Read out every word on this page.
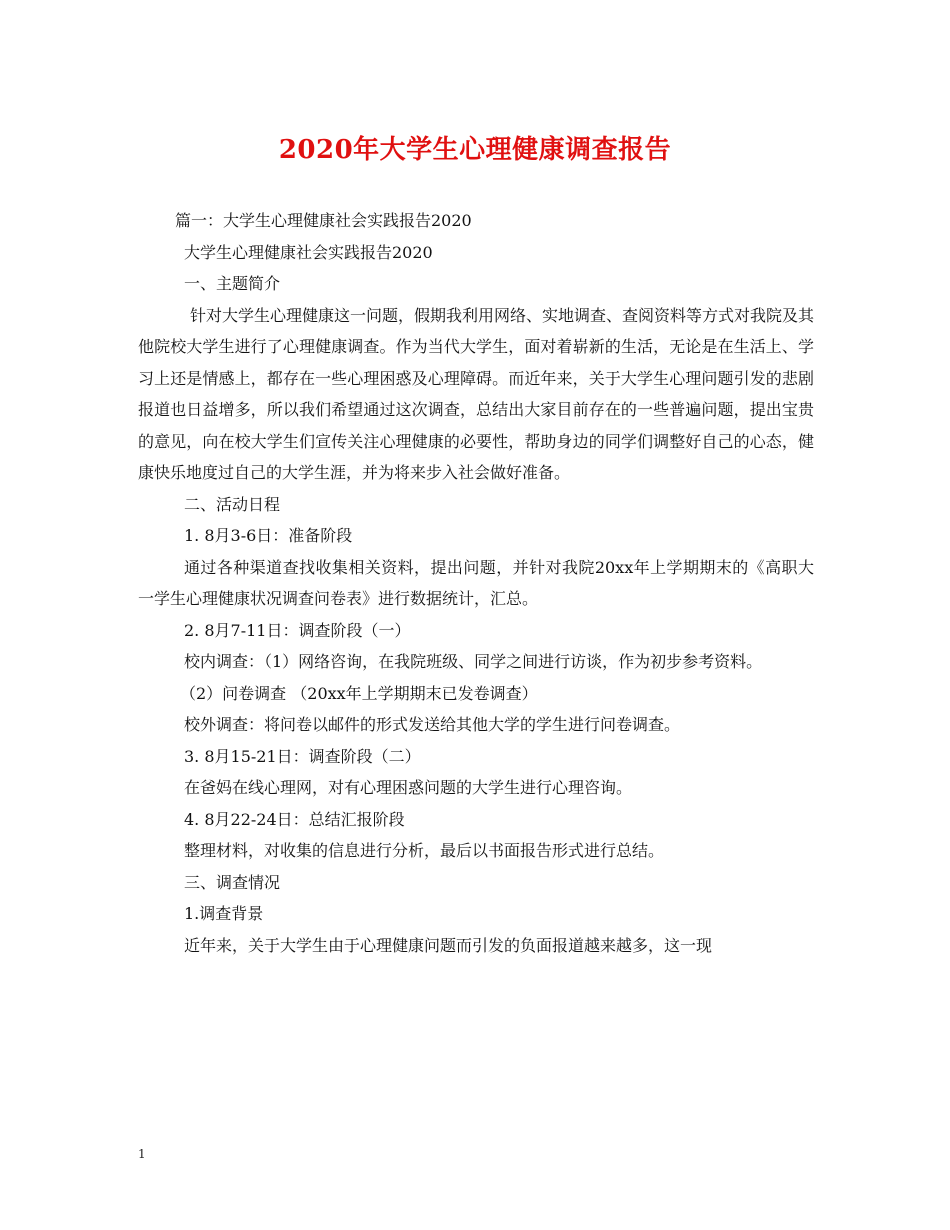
2020年大学生心理健康调查报告

篇一：大学生心理健康社会实践报告2020

大学生心理健康社会实践报告2020

一、主题简介

针对大学生心理健康这一问题，假期我利用网络、实地调查、查阅资料等方式对我院及其他院校大学生进行了心理健康调查。作为当代大学生，面对着崭新的生活，无论是在生活上、学习上还是情感上，都存在一些心理困惑及心理障碍。而近年来，关于大学生心理问题引发的悲剧报道也日益增多，所以我们希望通过这次调查，总结出大家目前存在的一些普遍问题，提出宝贵的意见，向在校大学生们宣传关注心理健康的必要性，帮助身边的同学们调整好自己的心态，健康快乐地度过自己的大学生涯，并为将来步入社会做好准备。

二、活动日程

1. 8月3-6日：准备阶段

通过各种渠道查找收集相关资料，提出问题，并针对我院20xx年上学期期末的《高职大一学生心理健康状况调查问卷表》进行数据统计，汇总。

2. 8月7-11日：调查阶段（一）

校内调查：（1）网络咨询，在我院班级、同学之间进行访谈，作为初步参考资料。

（2）问卷调查 （20xx年上学期期末已发卷调查）

校外调查：将问卷以邮件的形式发送给其他大学的学生进行问卷调查。

3. 8月15-21日：调查阶段（二）

在爸妈在线心理网，对有心理困惑问题的大学生进行心理咨询。

4. 8月22-24日：总结汇报阶段

整理材料，对收集的信息进行分析，最后以书面报告形式进行总结。

三、调查情况

1.调查背景

近年来，关于大学生由于心理健康问题而引发的负面报道越来越多，这一现

1
